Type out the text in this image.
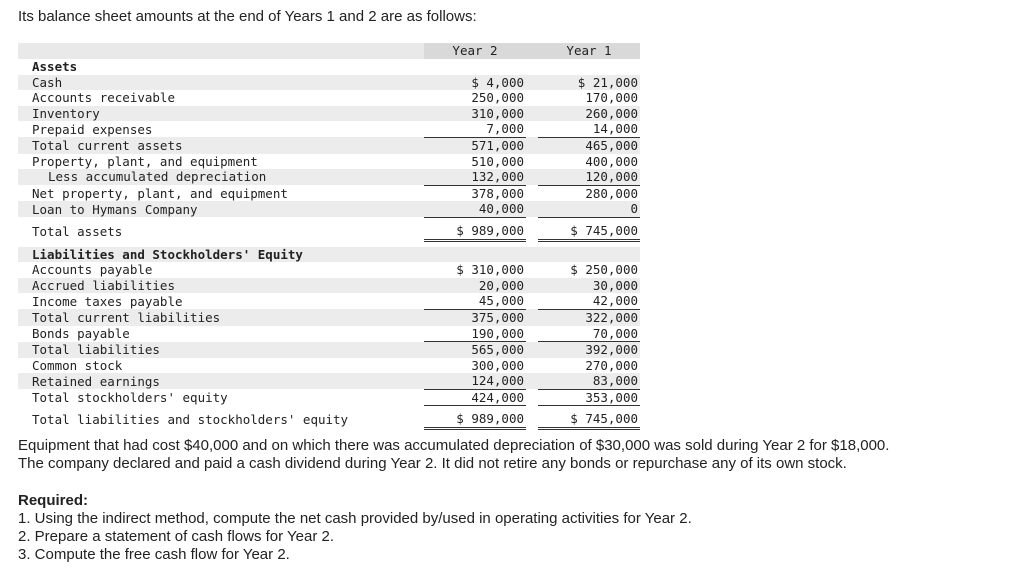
Its balance sheet amounts at the end of Years 1 and 2 are as follows:
	Year 2		Year 1
Assets			
Cash	$ 4,000		$ 21,000
Accounts receivable	250,000		170,000
Inventory	310,000		260,000
Prepaid expenses	7,000		14,000
Total current assets	571,000		465,000
Property, plant, and equipment	510,000		400,000
Less accumulated depreciation	132,000		120,000
Net property, plant, and equipment	378,000		280,000
Loan to Hymans Company	40,000		0

Total assets	$ 989,000		$ 745,000

Liabilities and Stockholders' Equity			
Accounts payable	$ 310,000		$ 250,000
Accrued liabilities	20,000		30,000
Income taxes payable	45,000		42,000
Total current liabilities	375,000		322,000
Bonds payable	190,000		70,000
Total liabilities	565,000		392,000
Common stock	300,000		270,000
Retained earnings	124,000		83,000
Total stockholders' equity	424,000		353,000

Total liabilities and stockholders' equity	$ 989,000		$ 745,000
Equipment that had cost $40,000 and on which there was accumulated depreciation of $30,000 was sold during Year 2 for $18,000.
The company declared and paid a cash dividend during Year 2. It did not retire any bonds or repurchase any of its own stock.
Required:
1. Using the indirect method, compute the net cash provided by/used in operating activities for Year 2.
2. Prepare a statement of cash flows for Year 2.
3. Compute the free cash flow for Year 2.
